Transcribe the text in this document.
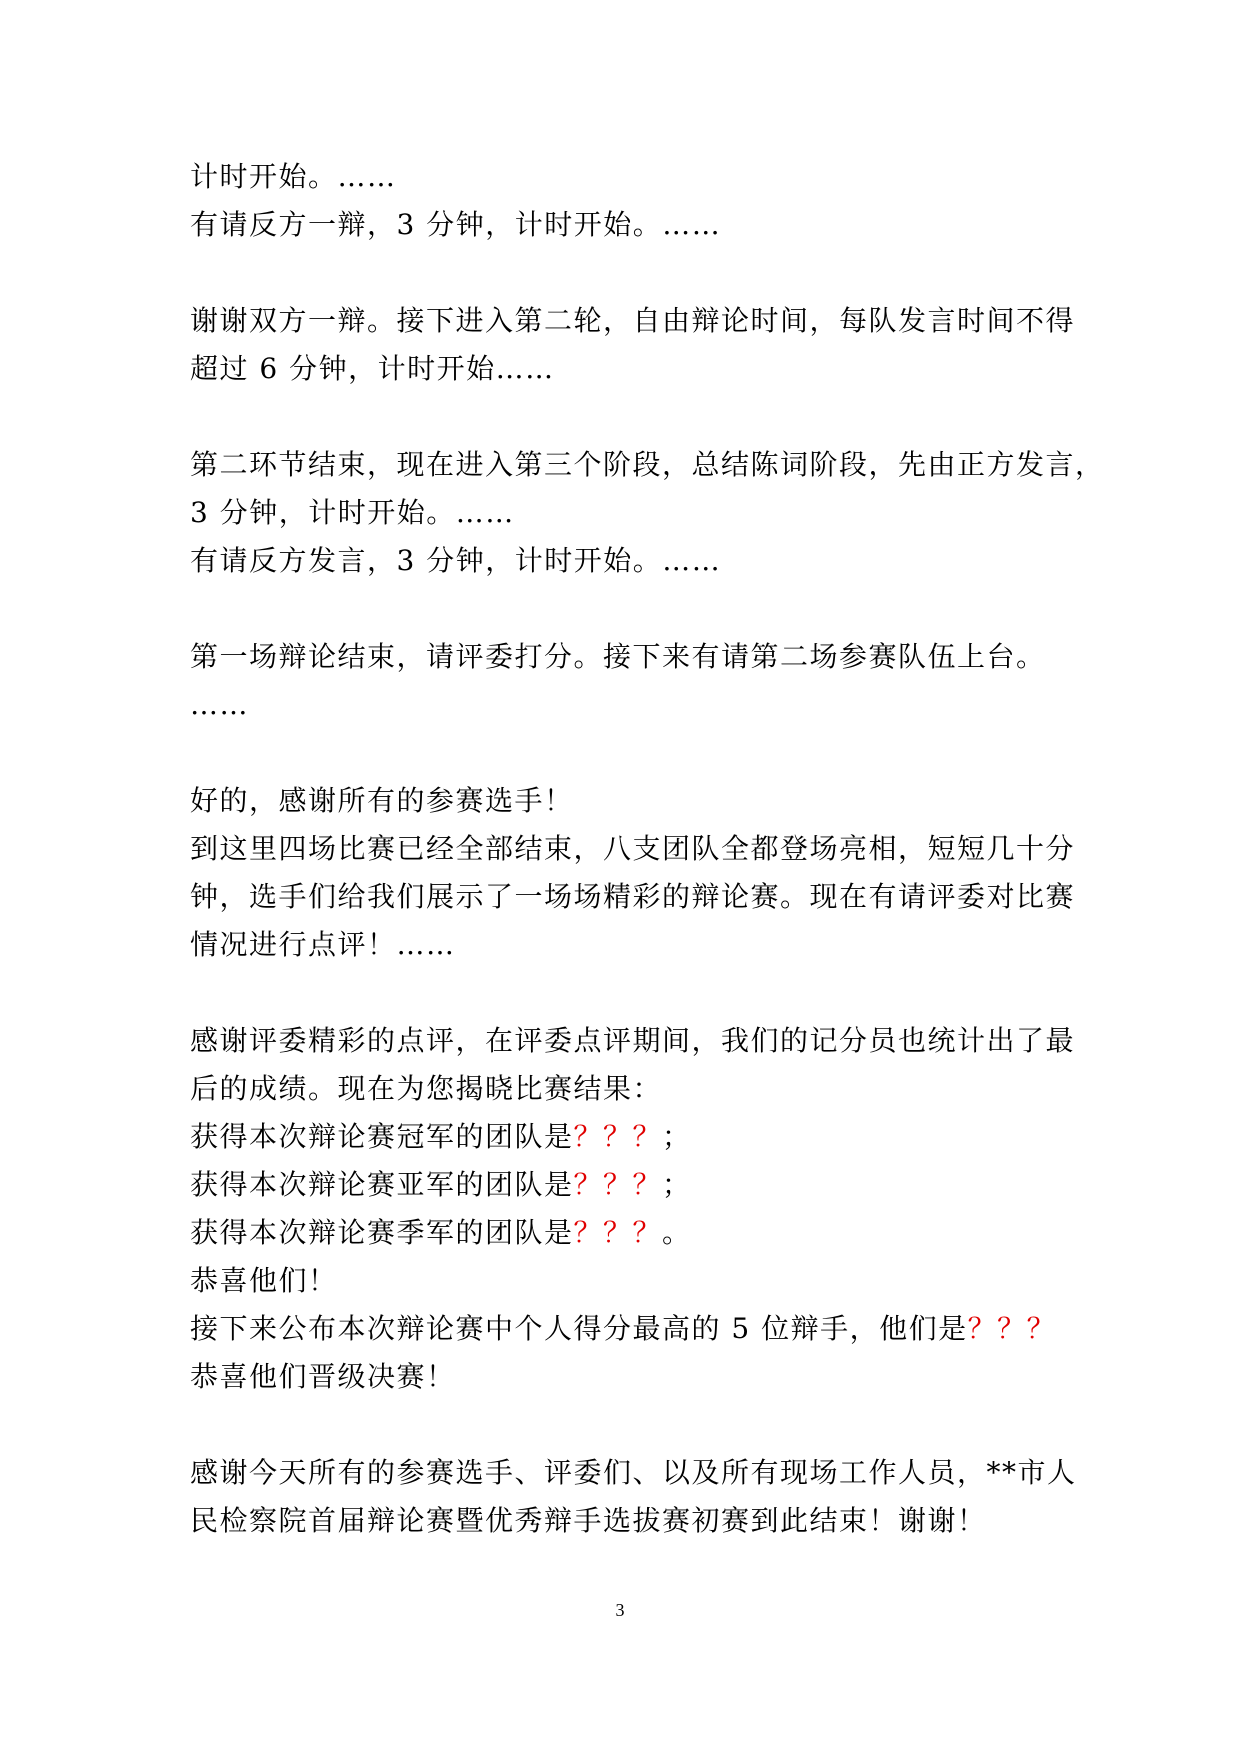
计时开始。……
有请反方一辩，3 分钟，计时开始。……
谢谢双方一辩。接下进入第二轮，自由辩论时间，每队发言时间不得
超过 6 分钟，计时开始……
第二环节结束，现在进入第三个阶段，总结陈词阶段，先由正方发言，
3 分钟，计时开始。……
有请反方发言，3 分钟，计时开始。……
第一场辩论结束，请评委打分。接下来有请第二场参赛队伍上台。
……
好的，感谢所有的参赛选手！
到这里四场比赛已经全部结束，八支团队全都登场亮相，短短几十分
钟，选手们给我们展示了一场场精彩的辩论赛。现在有请评委对比赛
情况进行点评！……
感谢评委精彩的点评，在评委点评期间，我们的记分员也统计出了最
后的成绩。现在为您揭晓比赛结果：
获得本次辩论赛冠军的团队是？？？；
获得本次辩论赛亚军的团队是？？？；
获得本次辩论赛季军的团队是？？？。
恭喜他们！
接下来公布本次辩论赛中个人得分最高的 5 位辩手，他们是？？？
恭喜他们晋级决赛！
感谢今天所有的参赛选手、评委们、以及所有现场工作人员，**市人
民检察院首届辩论赛暨优秀辩手选拔赛初赛到此结束！谢谢！
3
